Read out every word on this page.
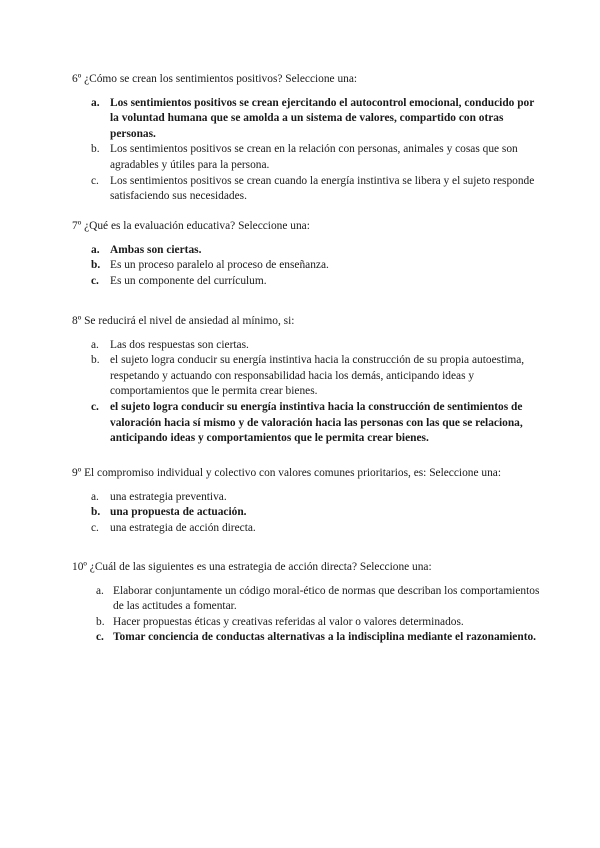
6º ¿Cómo se crean los sentimientos positivos? Seleccione una:

a. Los sentimientos positivos se crean ejercitando el autocontrol emocional, conducido por la voluntad humana que se amolda a un sistema de valores, compartido con otras personas.
b. Los sentimientos positivos se crean en la relación con personas, animales y cosas que son agradables y útiles para la persona.
c. Los sentimientos positivos se crean cuando la energía instintiva se libera y el sujeto responde satisfaciendo sus necesidades.

7º ¿Qué es la evaluación educativa? Seleccione una:

a. Ambas son ciertas.
b. Es un proceso paralelo al proceso de enseñanza.
c. Es un componente del currículum.

8º Se reducirá el nivel de ansiedad al mínimo, si:

a. Las dos respuestas son ciertas.
b. el sujeto logra conducir su energía instintiva hacia la construcción de su propia autoestima, respetando y actuando con responsabilidad hacia los demás, anticipando ideas y comportamientos que le permita crear bienes.
c. el sujeto logra conducir su energía instintiva hacia la construcción de sentimientos de valoración hacia sí mismo y de valoración hacia las personas con las que se relaciona, anticipando ideas y comportamientos que le permita crear bienes.

9º El compromiso individual y colectivo con valores comunes prioritarios, es: Seleccione una:

a. una estrategia preventiva.
b. una propuesta de actuación.
c. una estrategia de acción directa.

10º ¿Cuál de las siguientes es una estrategia de acción directa? Seleccione una:

a. Elaborar conjuntamente un código moral-ético de normas que describan los comportamientos de las actitudes a fomentar.
b. Hacer propuestas éticas y creativas referidas al valor o valores determinados.
c. Tomar conciencia de conductas alternativas a la indisciplina mediante el razonamiento.
